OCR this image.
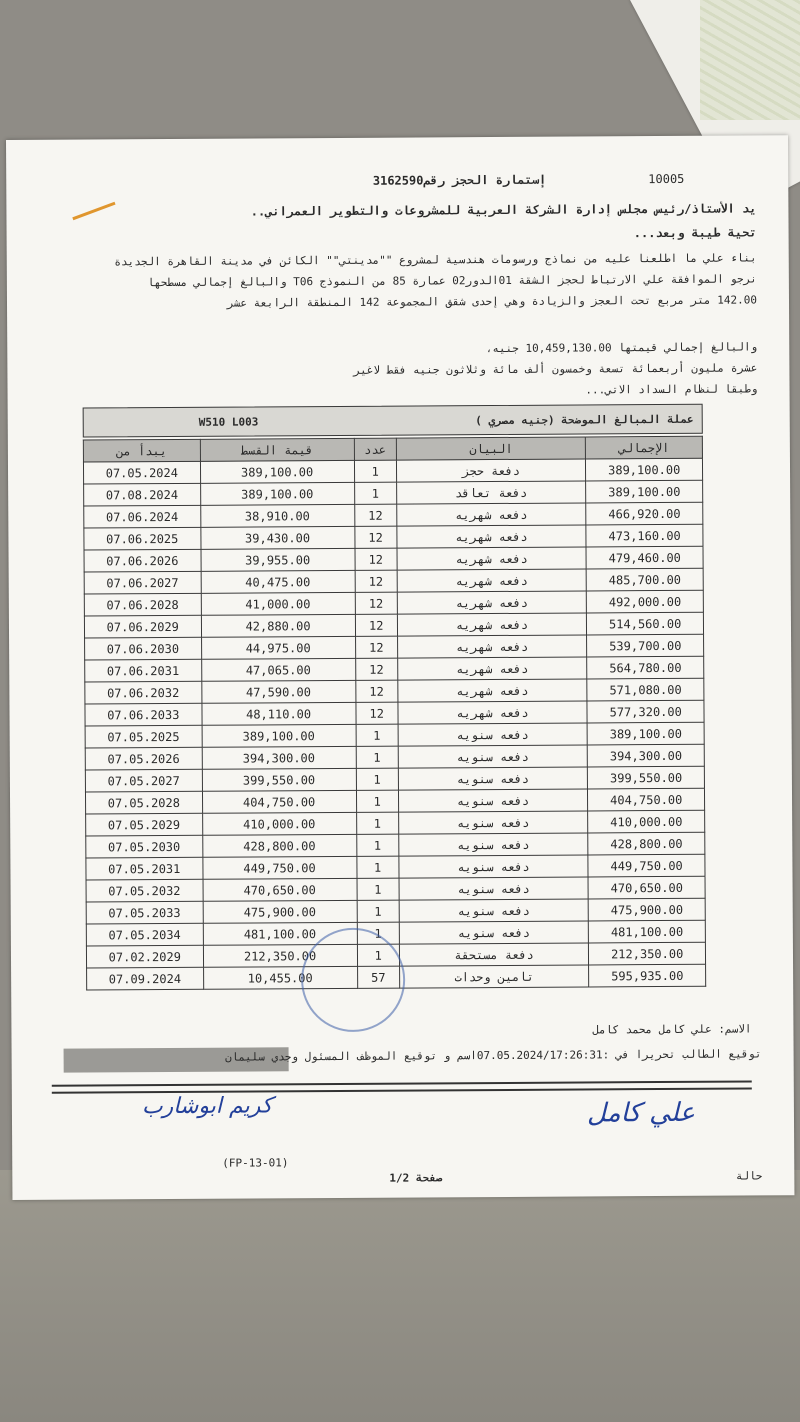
10005
إستمارة الحجز رقم3162590
يد الأستاذ/رئيس مجلس إدارة الشركة العربية للمشروعات والتطوير العمراني..
تحية طيبة وبعد...
بناء علي ما اطلعنا عليه من نماذج ورسومات هندسية لمشروع ""مدينتي"" الكائن في مدينة القاهرة الجديدة
نرجو الموافقة علي الارتباط لحجز الشقة 01الدور02 عمارة 85 من النموذج T06 والبالغ إجمالي مسطحها
142.00 متر مربع تحت العجز والزيادة وهي إحدى شقق المجموعة 142 المنطقة الرابعة عشر
والبالغ إجمالي قيمتها 10,459,130.00 جنيه،
عشرة مليون أربعمائة تسعة وخمسون ألف مائة وثلاثون جنيه فقط لاغير
وطبقا لنظام السداد الاتي...
عملة المبالغ الموضحة (جنيه مصري )
W510 L003
يبدأ من	قيمة القسط	عدد	البيان	الإجمالي
07.05.2024	389,100.00	1	دفعة حجز	389,100.00
07.08.2024	389,100.00	1	دفعة تعاقد	389,100.00
07.06.2024	38,910.00	12	دفعه شهريه	466,920.00
07.06.2025	39,430.00	12	دفعه شهريه	473,160.00
07.06.2026	39,955.00	12	دفعه شهريه	479,460.00
07.06.2027	40,475.00	12	دفعه شهريه	485,700.00
07.06.2028	41,000.00	12	دفعه شهريه	492,000.00
07.06.2029	42,880.00	12	دفعه شهريه	514,560.00
07.06.2030	44,975.00	12	دفعه شهريه	539,700.00
07.06.2031	47,065.00	12	دفعه شهريه	564,780.00
07.06.2032	47,590.00	12	دفعه شهريه	571,080.00
07.06.2033	48,110.00	12	دفعه شهريه	577,320.00
07.05.2025	389,100.00	1	دفعه سنويه	389,100.00
07.05.2026	394,300.00	1	دفعه سنويه	394,300.00
07.05.2027	399,550.00	1	دفعه سنويه	399,550.00
07.05.2028	404,750.00	1	دفعه سنويه	404,750.00
07.05.2029	410,000.00	1	دفعه سنويه	410,000.00
07.05.2030	428,800.00	1	دفعه سنويه	428,800.00
07.05.2031	449,750.00	1	دفعه سنويه	449,750.00
07.05.2032	470,650.00	1	دفعه سنويه	470,650.00
07.05.2033	475,900.00	1	دفعه سنويه	475,900.00
07.05.2034	481,100.00	1	دفعه سنويه	481,100.00
07.02.2029	212,350.00	1	دفعة مستحقة	212,350.00
07.09.2024	10,455.00	57	تامين وحدات	595,935.00
الاسم: علي كامل محمد كامل
توقيع الطالب تحريرا في :07.05.2024/17:26:31اسم و توقيع الموظف المسئول وجدي سليمان
كريم ابوشارب	علي كامل
(FP-13-01)
صفحة 1/2	حالة
